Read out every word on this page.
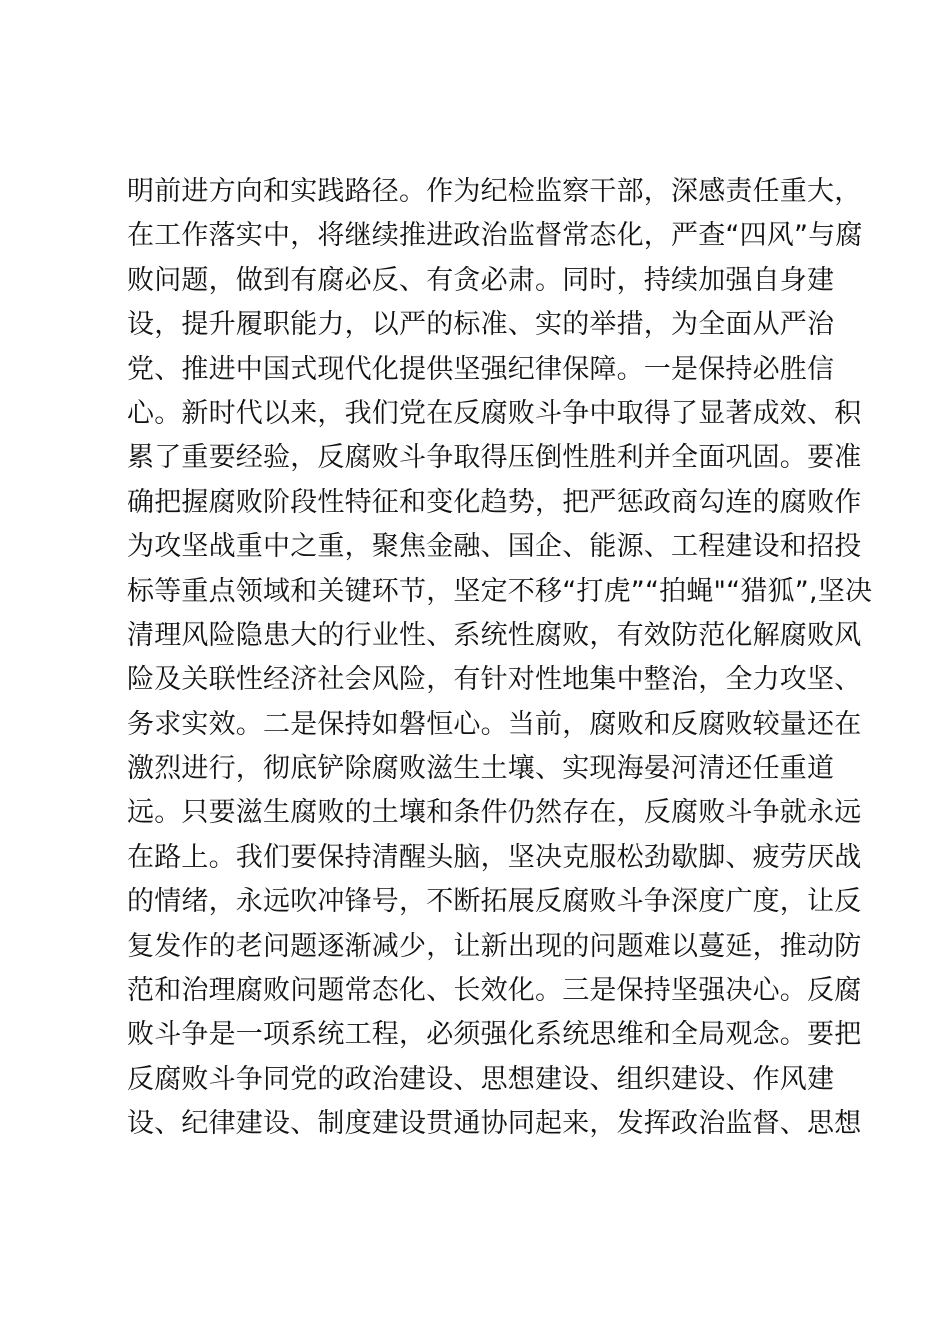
明前进方向和实践路径。作为纪检监察干部，深感责任重大，
在工作落实中，将继续推进政治监督常态化，严查“四风”与腐
败问题，做到有腐必反、有贪必肃。同时，持续加强自身建
设，提升履职能力，以严的标准、实的举措，为全面从严治
党、推进中国式现代化提供坚强纪律保障。一是保持必胜信
心。新时代以来，我们党在反腐败斗争中取得了显著成效、积
累了重要经验，反腐败斗争取得压倒性胜利并全面巩固。要准
确把握腐败阶段性特征和变化趋势，把严惩政商勾连的腐败作
为攻坚战重中之重，聚焦金融、国企、能源、工程建设和招投
标等重点领域和关键环节，坚定不移“打虎”“拍蝇"“猎狐”,坚决
清理风险隐患大的行业性、系统性腐败，有效防范化解腐败风
险及关联性经济社会风险，有针对性地集中整治，全力攻坚、
务求实效。二是保持如磐恒心。当前，腐败和反腐败较量还在
激烈进行，彻底铲除腐败滋生土壤、实现海晏河清还任重道
远。只要滋生腐败的土壤和条件仍然存在，反腐败斗争就永远
在路上。我们要保持清醒头脑，坚决克服松劲歇脚、疲劳厌战
的情绪，永远吹冲锋号，不断拓展反腐败斗争深度广度，让反
复发作的老问题逐渐减少，让新出现的问题难以蔓延，推动防
范和治理腐败问题常态化、长效化。三是保持坚强决心。反腐
败斗争是一项系统工程，必须强化系统思维和全局观念。要把
反腐败斗争同党的政治建设、思想建设、组织建设、作风建
设、纪律建设、制度建设贯通协同起来，发挥政治监督、思想
